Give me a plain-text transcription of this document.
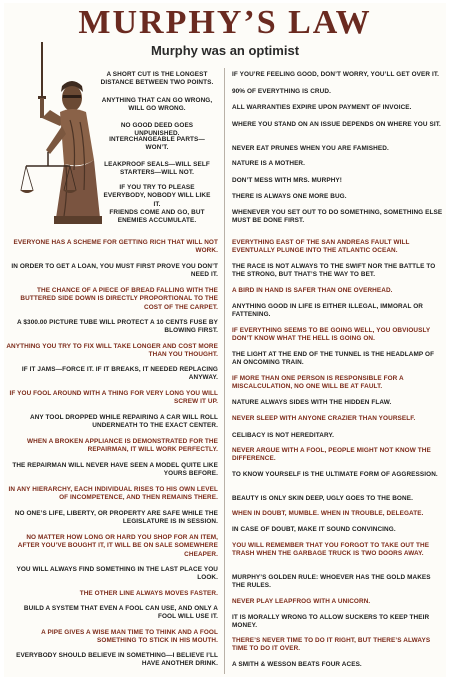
MURPHY’S LAW
Murphy was an optimist
A SHORT CUT IS THE LONGEST DISTANCE BETWEEN TWO POINTS.
ANYTHING THAT CAN GO WRONG, WILL GO WRONG.
NO GOOD DEED GOES UNPUNISHED.
INTERCHANGEABLE PARTS— WON’T.
LEAKPROOF SEALS—WILL SELF STARTERS—WILL NOT.
IF YOU TRY TO PLEASE EVERYBODY, NOBODY WILL LIKE IT.
FRIENDS COME AND GO, BUT ENEMIES ACCUMULATE.
EVERYONE HAS A SCHEME FOR GETTING RICH THAT WILL NOT WORK.
IN ORDER TO GET A LOAN, YOU MUST FIRST PROVE YOU DON’T NEED IT.
THE CHANCE OF A PIECE OF BREAD FALLING WITH THE BUTTERED SIDE DOWN IS DIRECTLY PROPORTIONAL TO THE COST OF THE CARPET.
A $300.00 PICTURE TUBE WILL PROTECT A 10 CENTS FUSE BY BLOWING FIRST.
ANYTHING YOU TRY TO FIX WILL TAKE LONGER AND COST MORE THAN YOU THOUGHT.
IF IT JAMS—FORCE IT. IF IT BREAKS, IT NEEDED REPLACING ANYWAY.
IF YOU FOOL AROUND WITH A THING FOR VERY LONG YOU WILL SCREW IT UP.
ANY TOOL DROPPED WHILE REPAIRING A CAR WILL ROLL UNDERNEATH TO THE EXACT CENTER.
WHEN A BROKEN APPLIANCE IS DEMONSTRATED FOR THE REPAIRMAN, IT WILL WORK PERFECTLY.
THE REPAIRMAN WILL NEVER HAVE SEEN A MODEL QUITE LIKE YOURS BEFORE.
IN ANY HIERARCHY, EACH INDIVIDUAL RISES TO HIS OWN LEVEL OF INCOMPETENCE, AND THEN REMAINS THERE.
NO ONE’S LIFE, LIBERTY, OR PROPERTY ARE SAFE WHILE THE LEGISLATURE IS IN SESSION.
NO MATTER HOW LONG OR HARD YOU SHOP FOR AN ITEM, AFTER YOU’VE BOUGHT IT, IT WILL BE ON SALE SOMEWHERE CHEAPER.
YOU WILL ALWAYS FIND SOMETHING IN THE LAST PLACE YOU LOOK.
THE OTHER LINE ALWAYS MOVES FASTER.
BUILD A SYSTEM THAT EVEN A FOOL CAN USE, AND ONLY A FOOL WILL USE IT.
A PIPE GIVES A WISE MAN TIME TO THINK AND A FOOL SOMETHING TO STICK IN HIS MOUTH.
EVERYBODY SHOULD BELIEVE IN SOMETHING—I BELIEVE I’LL HAVE ANOTHER DRINK.
IF YOU’RE FEELING GOOD, DON’T WORRY, YOU’LL GET OVER IT.
90% OF EVERYTHING IS CRUD.
ALL WARRANTIES EXPIRE UPON PAYMENT OF INVOICE.
WHERE YOU STAND ON AN ISSUE DEPENDS ON WHERE YOU SIT.
NEVER EAT PRUNES WHEN YOU ARE FAMISHED.
NATURE IS A MOTHER.
DON’T MESS WITH MRS. MURPHY!
THERE IS ALWAYS ONE MORE BUG.
WHENEVER YOU SET OUT TO DO SOMETHING, SOMETHING ELSE MUST BE DONE FIRST.
EVERYTHING EAST OF THE SAN ANDREAS FAULT WILL EVENTUALLY PLUNGE INTO THE ATLANTIC OCEAN.
THE RACE IS NOT ALWAYS TO THE SWIFT NOR THE BATTLE TO THE STRONG, BUT THAT’S THE WAY TO BET.
A BIRD IN HAND IS SAFER THAN ONE OVERHEAD.
ANYTHING GOOD IN LIFE IS EITHER ILLEGAL, IMMORAL OR FATTENING.
IF EVERYTHING SEEMS TO BE GOING WELL, YOU OBVIOUSLY DON’T KNOW WHAT THE HELL IS GOING ON.
THE LIGHT AT THE END OF THE TUNNEL IS THE HEADLAMP OF AN ONCOMING TRAIN.
IF MORE THAN ONE PERSON IS RESPONSIBLE FOR A MISCALCULATION, NO ONE WILL BE AT FAULT.
NATURE ALWAYS SIDES WITH THE HIDDEN FLAW.
NEVER SLEEP WITH ANYONE CRAZIER THAN YOURSELF.
CELIBACY IS NOT HEREDITARY.
NEVER ARGUE WITH A FOOL, PEOPLE MIGHT NOT KNOW THE DIFFERENCE.
TO KNOW YOURSELF IS THE ULTIMATE FORM OF AGGRESSION.
BEAUTY IS ONLY SKIN DEEP, UGLY GOES TO THE BONE.
WHEN IN DOUBT, MUMBLE. WHEN IN TROUBLE, DELEGATE.
IN CASE OF DOUBT, MAKE IT SOUND CONVINCING.
YOU WILL REMEMBER THAT YOU FORGOT TO TAKE OUT THE TRASH WHEN THE GARBAGE TRUCK IS TWO DOORS AWAY.
MURPHY’S GOLDEN RULE: WHOEVER HAS THE GOLD MAKES THE RULES.
NEVER PLAY LEAPFROG WITH A UNICORN.
IT IS MORALLY WRONG TO ALLOW SUCKERS TO KEEP THEIR MONEY.
THERE’S NEVER TIME TO DO IT RIGHT, BUT THERE’S ALWAYS TIME TO DO IT OVER.
A SMITH & WESSON BEATS FOUR ACES.
